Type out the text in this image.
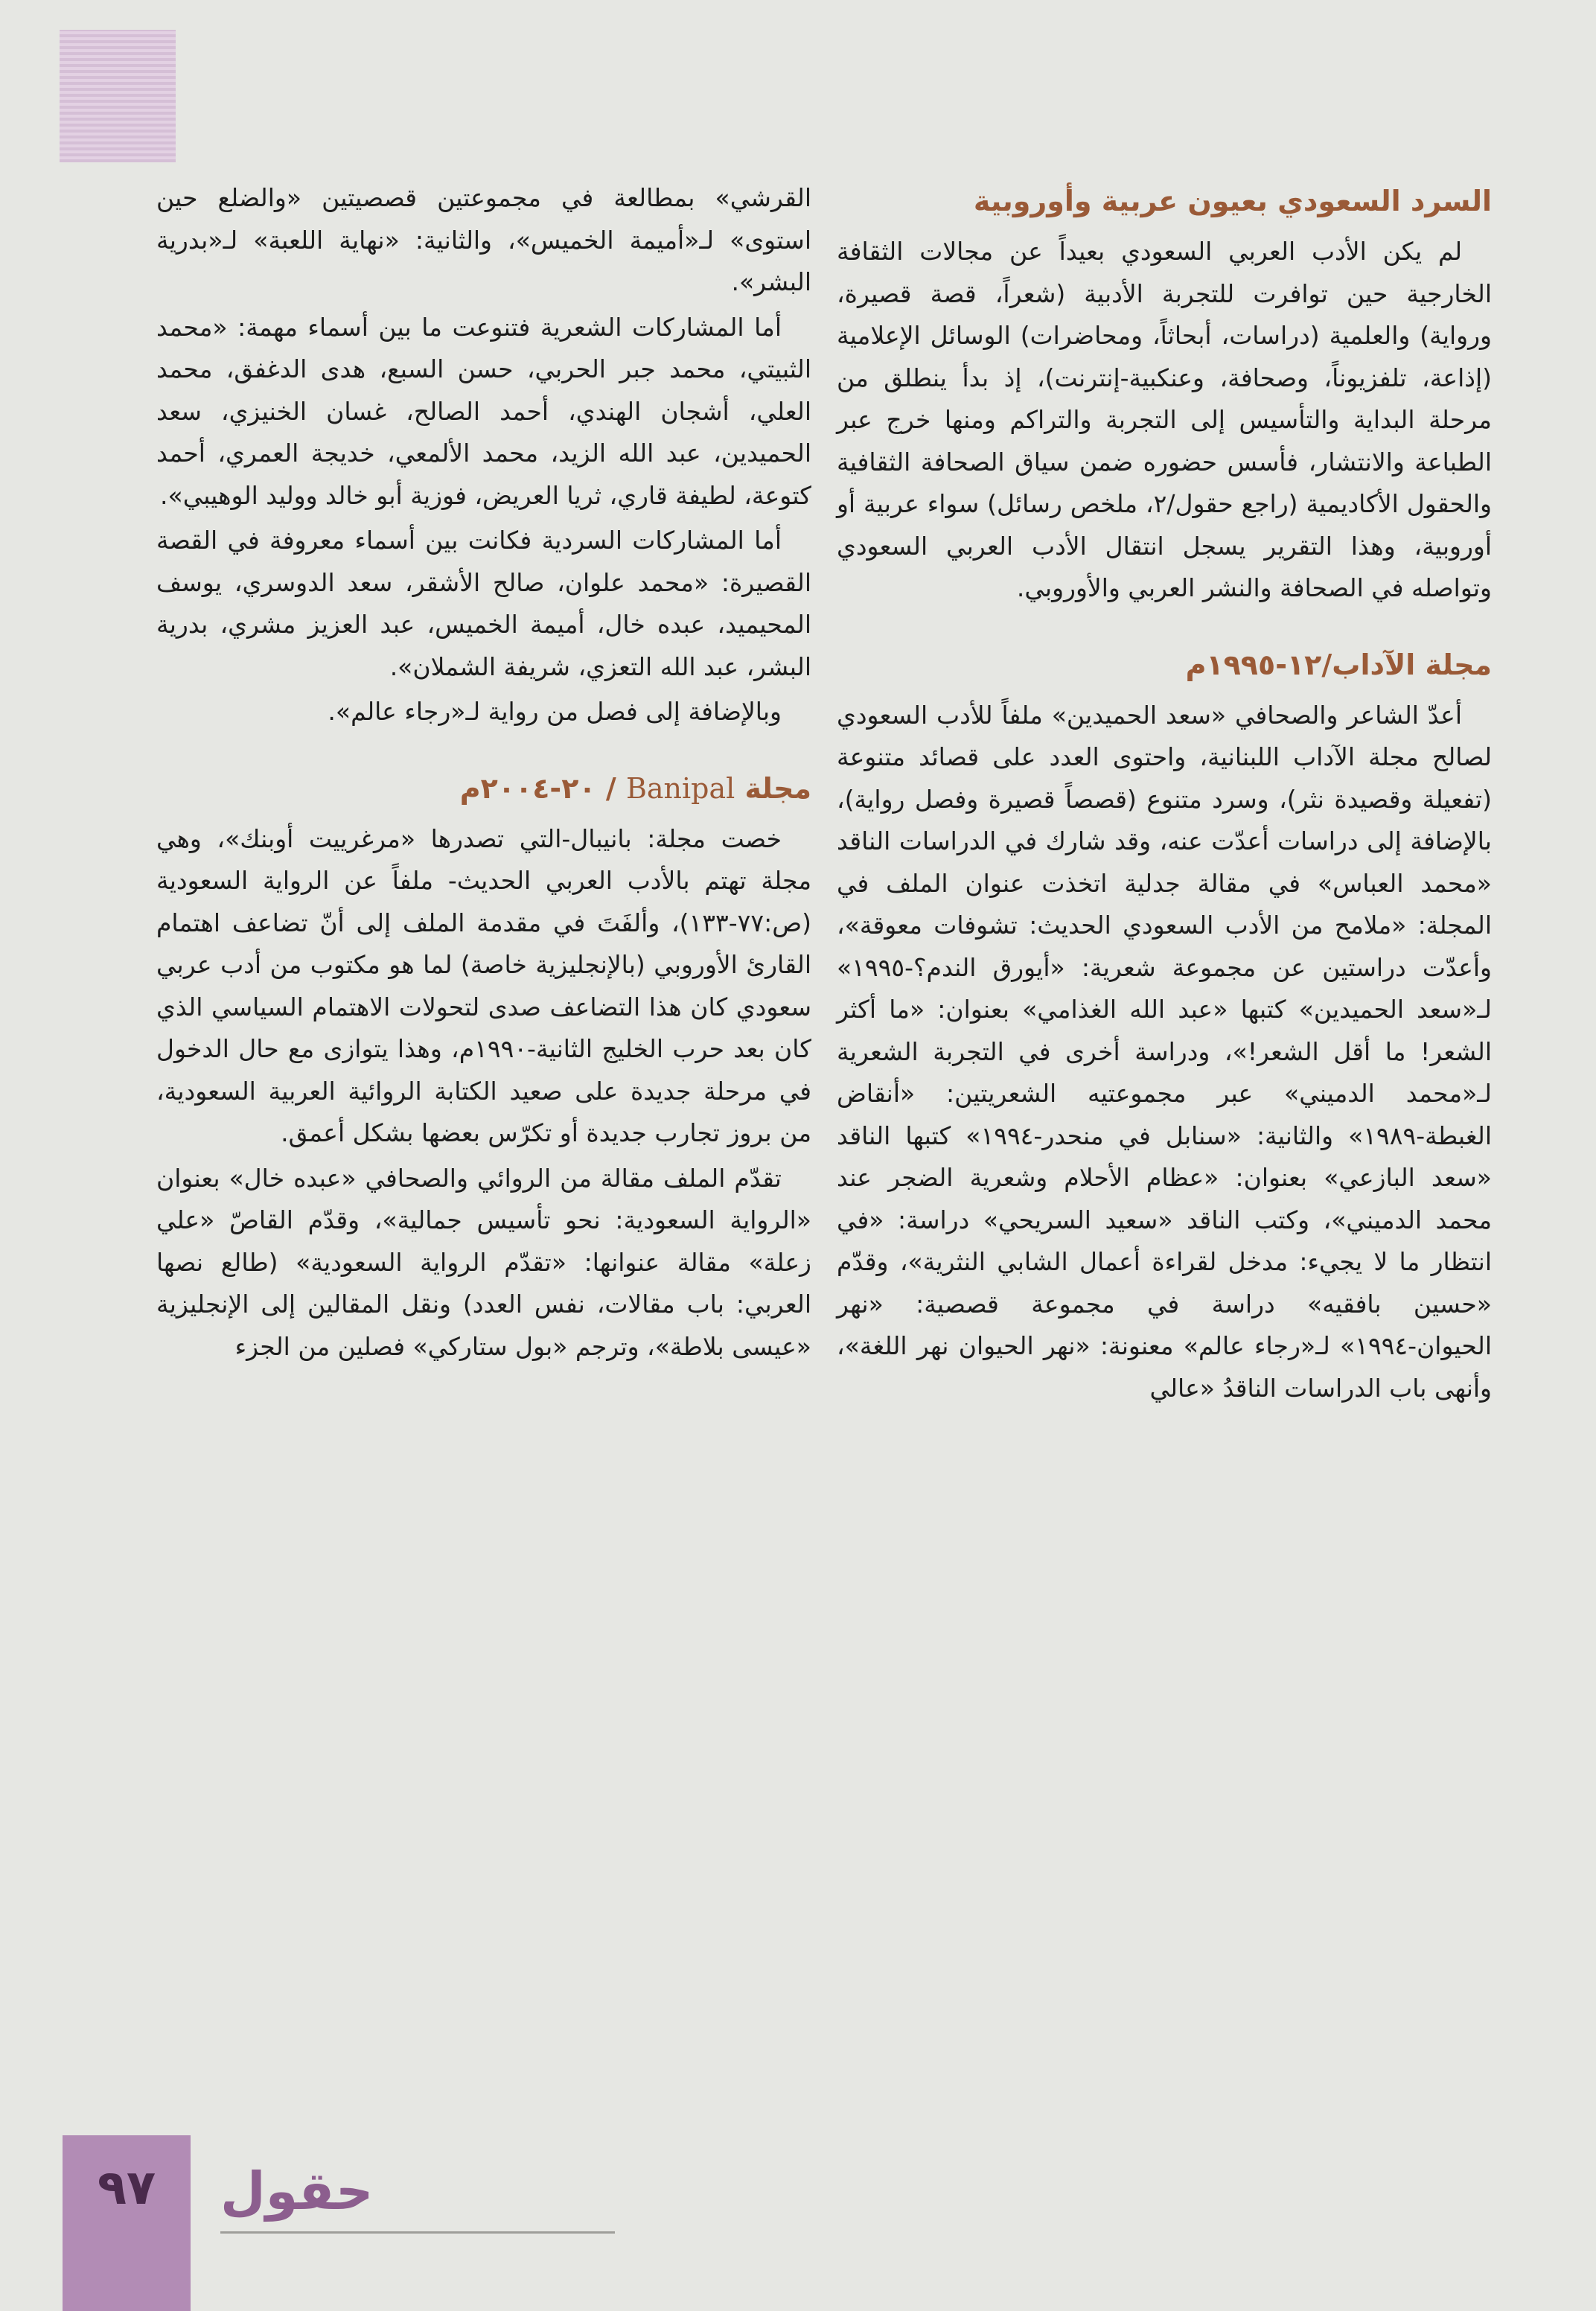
السرد السعودي بعيون عربية وأوروبية

لم يكن الأدب العربي السعودي بعيداً عن مجالات الثقافة الخارجية حين توافرت للتجربة الأدبية (شعراً، قصة قصيرة، ورواية) والعلمية (دراسات، أبحاثاً، ومحاضرات) الوسائل الإعلامية (إذاعة، تلفزيوناً، وصحافة، وعنكبية-إنترنت)، إذ بدأ ينطلق من مرحلة البداية والتأسيس إلى التجربة والتراكم ومنها خرج عبر الطباعة والانتشار، فأسس حضوره ضمن سياق الصحافة الثقافية والحقول الأكاديمية (راجع حقول/٢، ملخص رسائل) سواء عربية أو أوروبية، وهذا التقرير يسجل انتقال الأدب العربي السعودي وتواصله في الصحافة والنشر العربي والأوروبي.

مجلة الآداب/١٢-١٩٩٥م

أعدّ الشاعر والصحافي «سعد الحميدين» ملفاً للأدب السعودي لصالح مجلة الآداب اللبنانية، واحتوى العدد على قصائد متنوعة (تفعيلة وقصيدة نثر)، وسرد متنوع (قصصاً قصيرة وفصل رواية)، بالإضافة إلى دراسات أعدّت عنه، وقد شارك في الدراسات الناقد «محمد العباس» في مقالة جدلية اتخذت عنوان الملف في المجلة: «ملامح من الأدب السعودي الحديث: تشوفات معوقة»، وأعدّت دراستين عن مجموعة شعرية: «أيورق الندم؟-١٩٩٥» لـ«سعد الحميدين» كتبها «عبد الله الغذامي» بعنوان: «ما أكثر الشعر! ما أقل الشعر!»، ودراسة أخرى في التجربة الشعرية لـ«محمد الدميني» عبر مجموعتيه الشعريتين: «أنقاض الغبطة-١٩٨٩» والثانية: «سنابل في منحدر-١٩٩٤» كتبها الناقد «سعد البازعي» بعنوان: «عظام الأحلام وشعرية الضجر عند محمد الدميني»، وكتب الناقد «سعيد السريحي» دراسة: «في انتظار ما لا يجيء: مدخل لقراءة أعمال الشابي النثرية»، وقدّم «حسين بافقيه» دراسة في مجموعة قصصية: «نهر الحيوان-١٩٩٤» لـ«رجاء عالم» معنونة: «نهر الحيوان نهر اللغة»، وأنهى باب الدراسات الناقدُ «عالي

القرشي» بمطالعة في مجموعتين قصصيتين «والضلع حين استوى» لـ«أميمة الخميس»، والثانية: «نهاية اللعبة» لـ«بدرية البشر».

أما المشاركات الشعرية فتنوعت ما بين أسماء مهمة: «محمد الثبيتي، محمد جبر الحربي، حسن السبع، هدى الدغفق، محمد العلي، أشجان الهندي، أحمد الصالح، غسان الخنيزي، سعد الحميدين، عبد الله الزيد، محمد الألمعي، خديجة العمري، أحمد كتوعة، لطيفة قاري، ثريا العريض، فوزية أبو خالد ووليد الوهيبي».

أما المشاركات السردية فكانت بين أسماء معروفة في القصة القصيرة: «محمد علوان، صالح الأشقر، سعد الدوسري، يوسف المحيميد، عبده خال، أميمة الخميس، عبد العزيز مشري، بدرية البشر، عبد الله التعزي، شريفة الشملان».

وبالإضافة إلى فصل من رواية لـ«رجاء عالم».

مجلة Banipal / ٢٠-٢٠٠٤م

خصت مجلة: بانيبال-التي تصدرها «مرغرييت أوبنك»، وهي مجلة تهتم بالأدب العربي الحديث- ملفاً عن الرواية السعودية (ص:٧٧-١٣٣)، وألفَتَ في مقدمة الملف إلى أنّ تضاعف اهتمام القارئ الأوروبي (بالإنجليزية خاصة) لما هو مكتوب من أدب عربي سعودي كان هذا التضاعف صدى لتحولات الاهتمام السياسي الذي كان بعد حرب الخليج الثانية-١٩٩٠م، وهذا يتوازى مع حال الدخول في مرحلة جديدة على صعيد الكتابة الروائية العربية السعودية، من بروز تجارب جديدة أو تكرّس بعضها بشكل أعمق.

تقدّم الملف مقالة من الروائي والصحافي «عبده خال» بعنوان «الرواية السعودية: نحو تأسيس جمالية»، وقدّم القاصّ «علي زعلة» مقالة عنوانها: «تقدّم الرواية السعودية» (طالع نصها العربي: باب مقالات، نفس العدد) ونقل المقالين إلى الإنجليزية «عيسى بلاطة»، وترجم «بول ستاركي» فصلين من الجزء

٩٧ حقول
